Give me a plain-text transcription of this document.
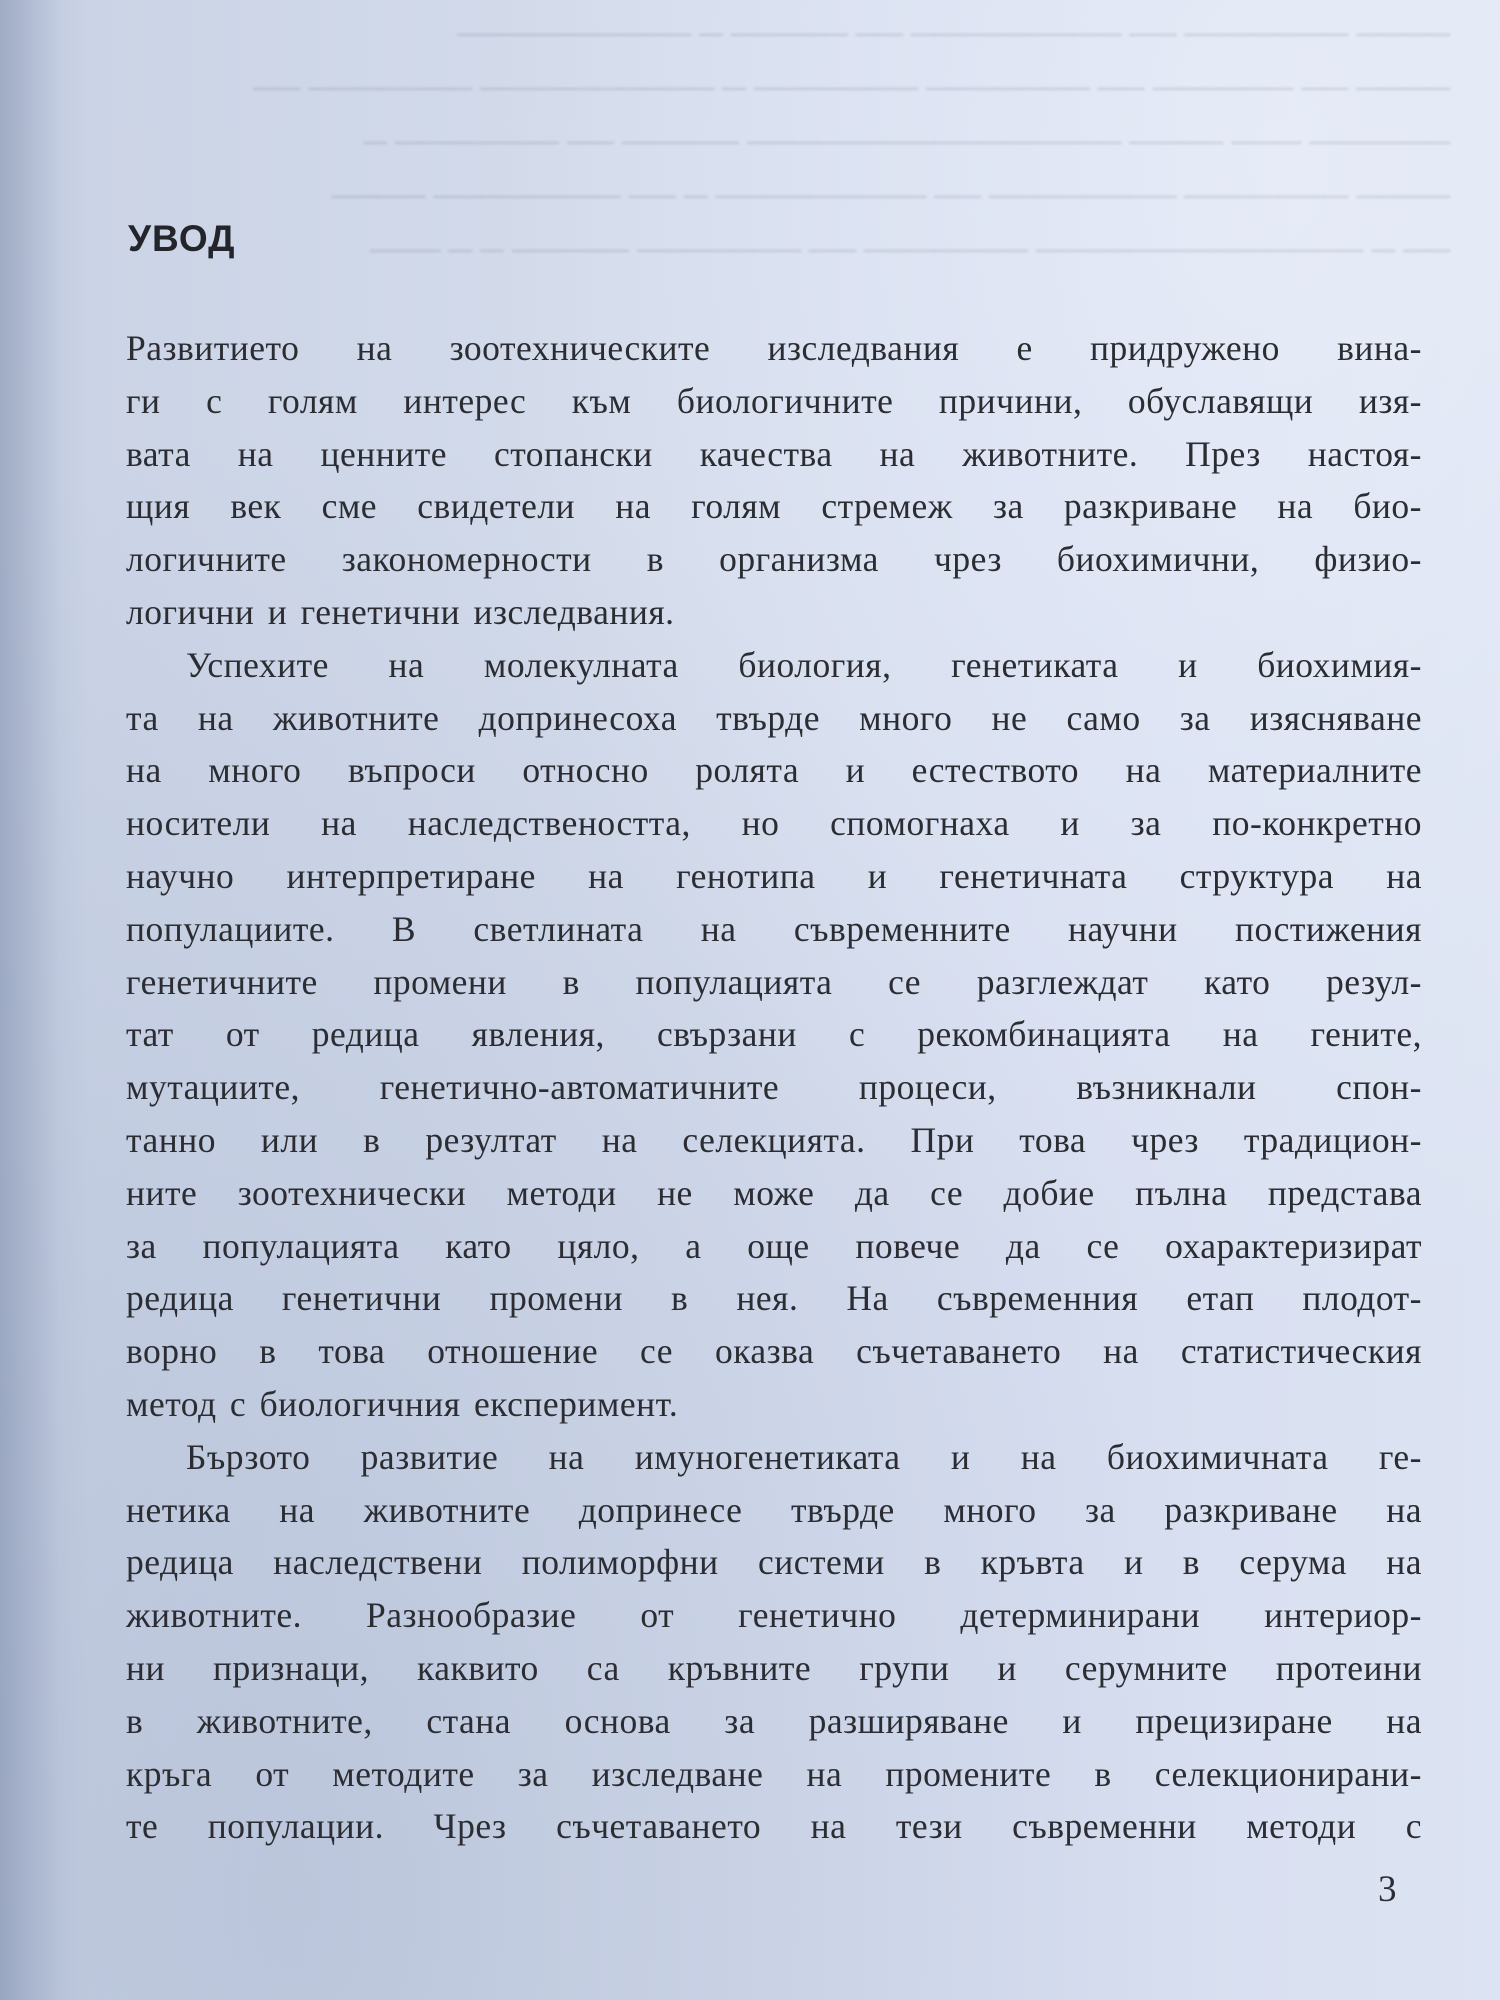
──── ─────── ── ───────── ── ───── ─ ──────────
──── ── ────── ── ─────── ─────── ─ ────────── ─────── ──
────── ─── ──── ──────────────── ───── ── ─────── ─
──── ─────── ──────── ── ───────── ─ ── ──────── ────
── ─ ────────────── ─────── ── ─────── ───── ─ ─ ───
УВОД
Развитието на зоотехническите изследвания е придружено вина-
ги с голям интерес към биологичните причини, обуславящи изя-
вата на ценните стопански качества на животните. През настоя-
щия век сме свидетели на голям стремеж за разкриване на био-
логичните закономерности в организма чрез биохимични, физио-
логични и генетични изследвания.
Успехите на молекулната биология, генетиката и биохимия-
та на животните допринесоха твърде много не само за изясняване
на много въпроси относно ролята и естеството на материалните
носители на наследствеността, но спомогнаха и за по-конкретно
научно интерпретиране на генотипа и генетичната структура на
популациите. В светлината на съвременните научни постижения
генетичните промени в популацията се разглеждат като резул-
тат от редица явления, свързани с рекомбинацията на гените,
мутациите, генетично-автоматичните процеси, възникнали спон-
танно или в резултат на селекцията. При това чрез традицион-
ните зоотехнически методи не може да се добие пълна представа
за популацията като цяло, а още повече да се охарактеризират
редица генетични промени в нея. На съвременния етап плодот-
ворно в това отношение се оказва съчетаването на статистическия
метод с биологичния експеримент.
Бързото развитие на имуногенетиката и на биохимичната ге-
нетика на животните допринесе твърде много за разкриване на
редица наследствени полиморфни системи в кръвта и в серума на
животните. Разнообразие от генетично детерминирани интериор-
ни признаци, каквито са кръвните групи и серумните протеини
в животните, стана основа за разширяване и прецизиране на
кръга от методите за изследване на промените в селекционирани-
те популации. Чрез съчетаването на тези съвременни методи с
3
